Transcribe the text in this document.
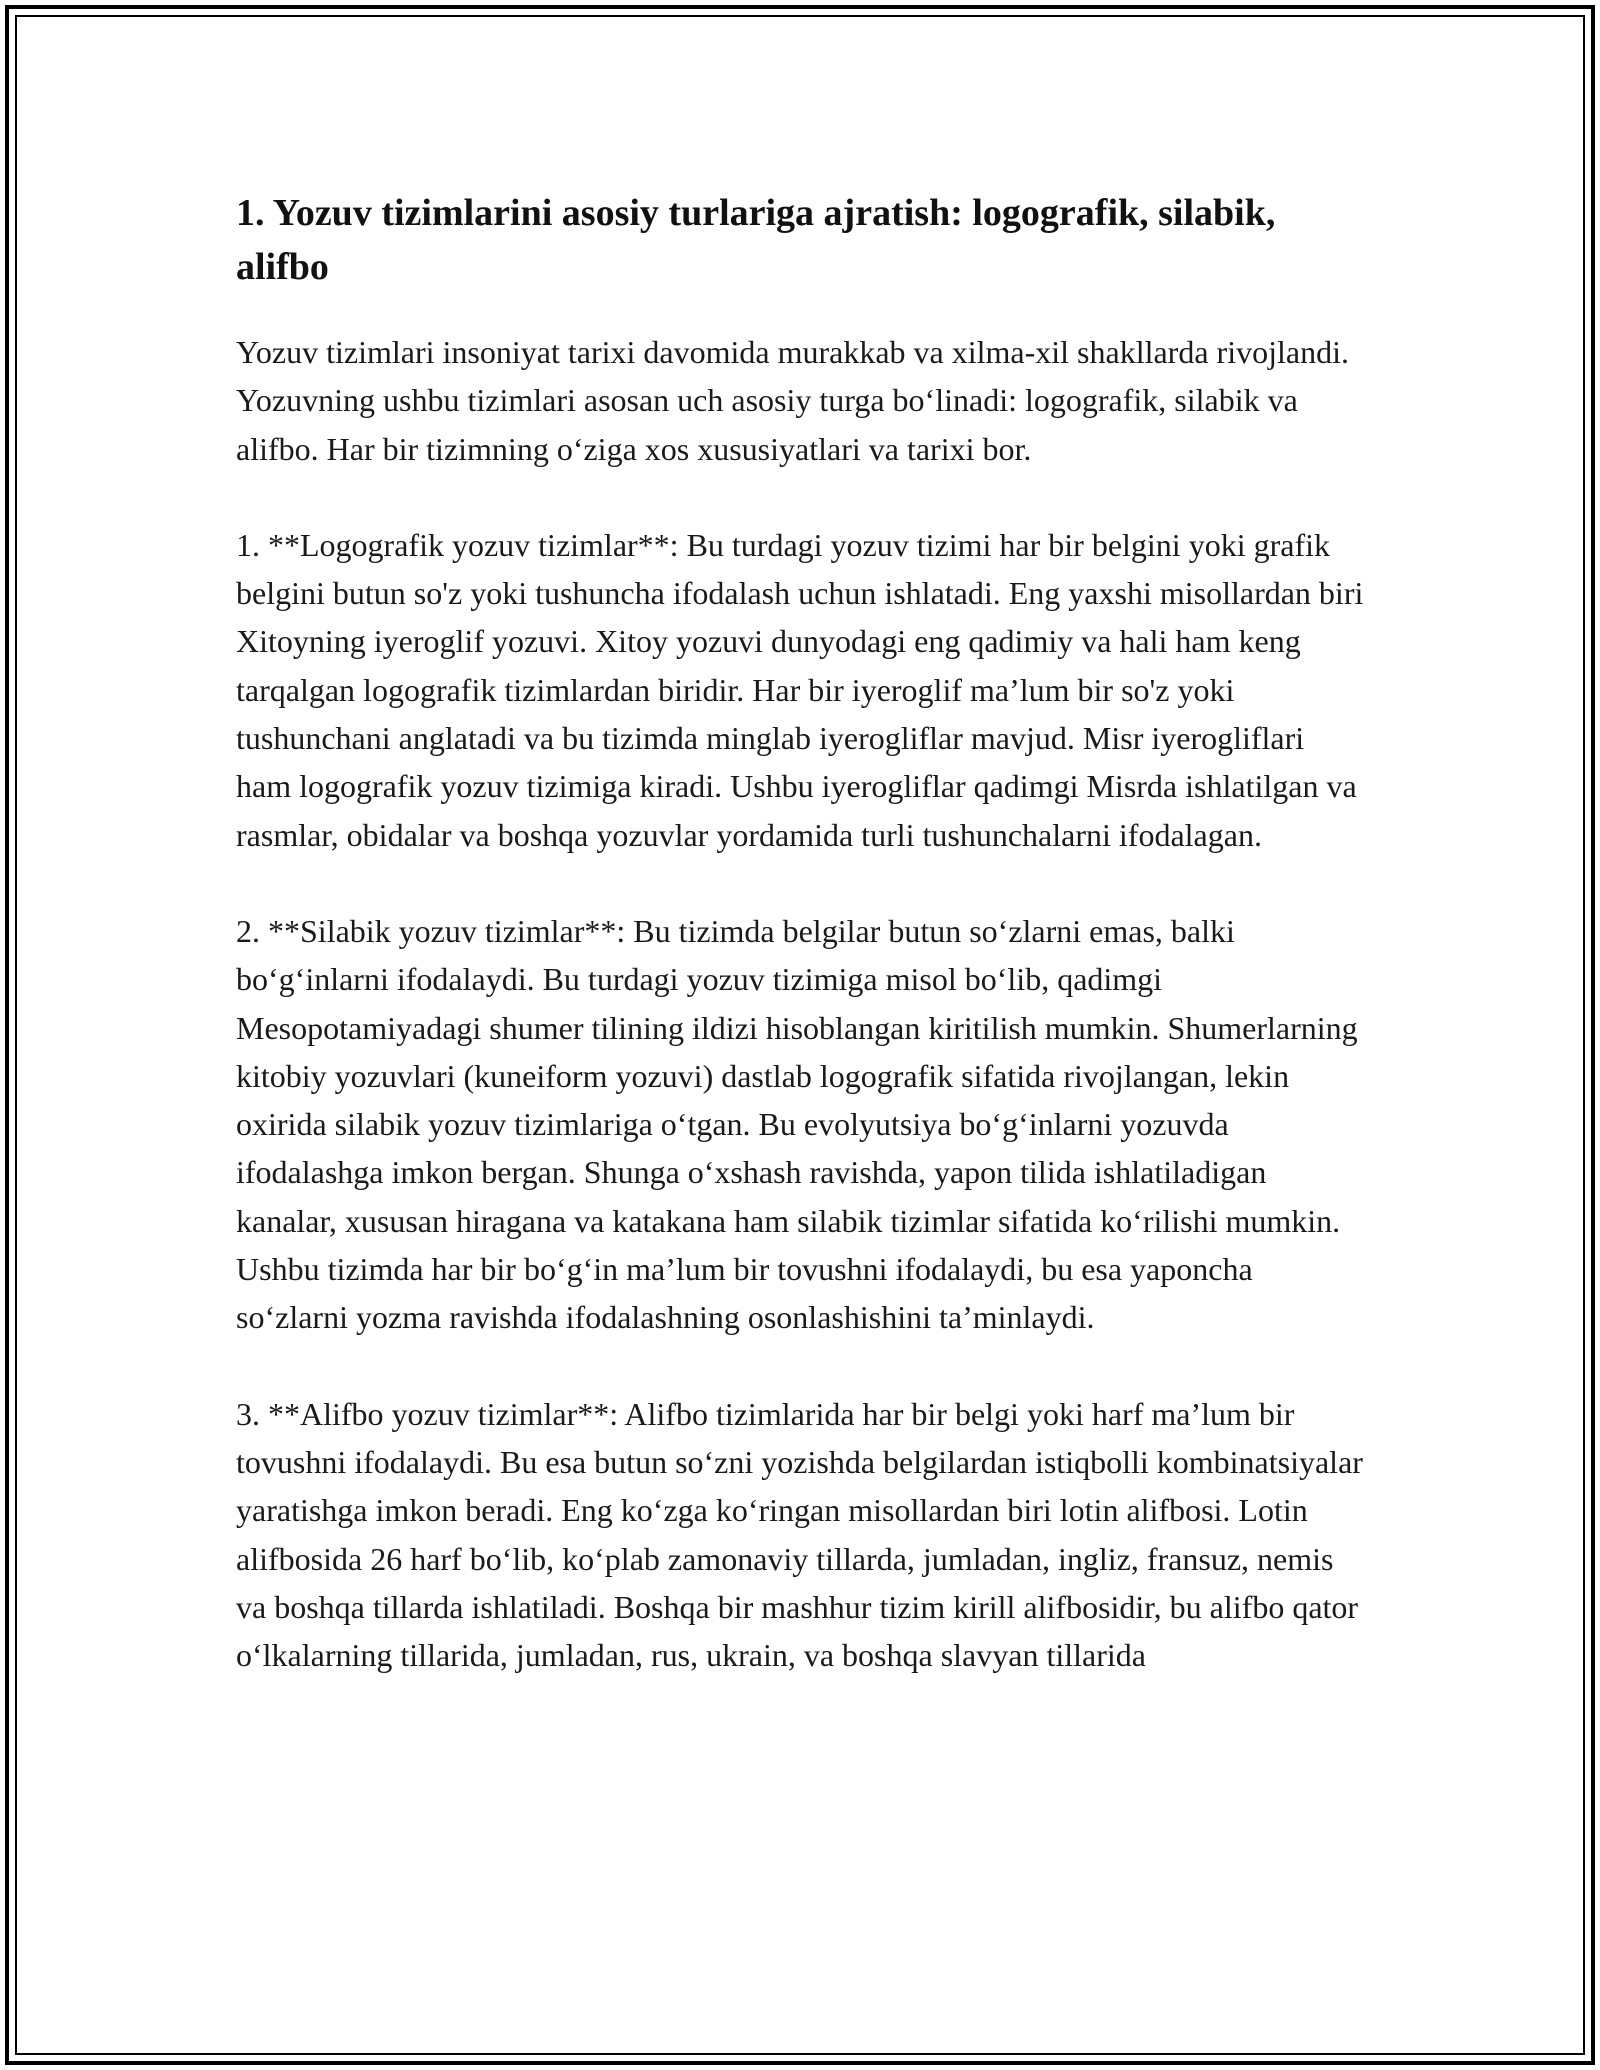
1. Yozuv tizimlarini asosiy turlariga ajratish: logografik, silabik, alifbo

Yozuv tizimlari insoniyat tarixi davomida murakkab va xilma-xil shakllarda rivojlandi. Yozuvning ushbu tizimlari asosan uch asosiy turga bo‘linadi: logografik, silabik va alifbo. Har bir tizimning o‘ziga xos xususiyatlari va tarixi bor.

1. **Logografik yozuv tizimlar**: Bu turdagi yozuv tizimi har bir belgini yoki grafik belgini butun so'z yoki tushuncha ifodalash uchun ishlatadi. Eng yaxshi misollardan biri Xitoyning iyeroglif yozuvi. Xitoy yozuvi dunyodagi eng qadimiy va hali ham keng tarqalgan logografik tizimlardan biridir. Har bir iyeroglif ma’lum bir so'z yoki tushunchani anglatadi va bu tizimda minglab iyerogliflar mavjud. Misr iyerogliflari ham logografik yozuv tizimiga kiradi. Ushbu iyerogliflar qadimgi Misrda ishlatilgan va rasmlar, obidalar va boshqa yozuvlar yordamida turli tushunchalarni ifodalagan.

2. **Silabik yozuv tizimlar**: Bu tizimda belgilar butun so‘zlarni emas, balki bo‘g‘inlarni ifodalaydi. Bu turdagi yozuv tizimiga misol bo‘lib, qadimgi Mesopotamiyadagi shumer tilining ildizi hisoblangan kiritilish mumkin. Shumerlarning kitobiy yozuvlari (kuneiform yozuvi) dastlab logografik sifatida rivojlangan, lekin oxirida silabik yozuv tizimlariga o‘tgan. Bu evolyutsiya bo‘g‘inlarni yozuvda ifodalashga imkon bergan. Shunga o‘xshash ravishda, yapon tilida ishlatiladigan kanalar, xususan hiragana va katakana ham silabik tizimlar sifatida ko‘rilishi mumkin. Ushbu tizimda har bir bo‘g‘in ma’lum bir tovushni ifodalaydi, bu esa yaponcha so‘zlarni yozma ravishda ifodalashning osonlashishini ta’minlaydi.

3. **Alifbo yozuv tizimlar**: Alifbo tizimlarida har bir belgi yoki harf ma’lum bir tovushni ifodalaydi. Bu esa butun so‘zni yozishda belgilardan istiqbolli kombinatsiyalar yaratishga imkon beradi. Eng ko‘zga ko‘ringan misollardan biri lotin alifbosi. Lotin alifbosida 26 harf bo‘lib, ko‘plab zamonaviy tillarda, jumladan, ingliz, fransuz, nemis va boshqa tillarda ishlatiladi. Boshqa bir mashhur tizim kirill alifbosidir, bu alifbo qator o‘lkalarning tillarida, jumladan, rus, ukrain, va boshqa slavyan tillarida
